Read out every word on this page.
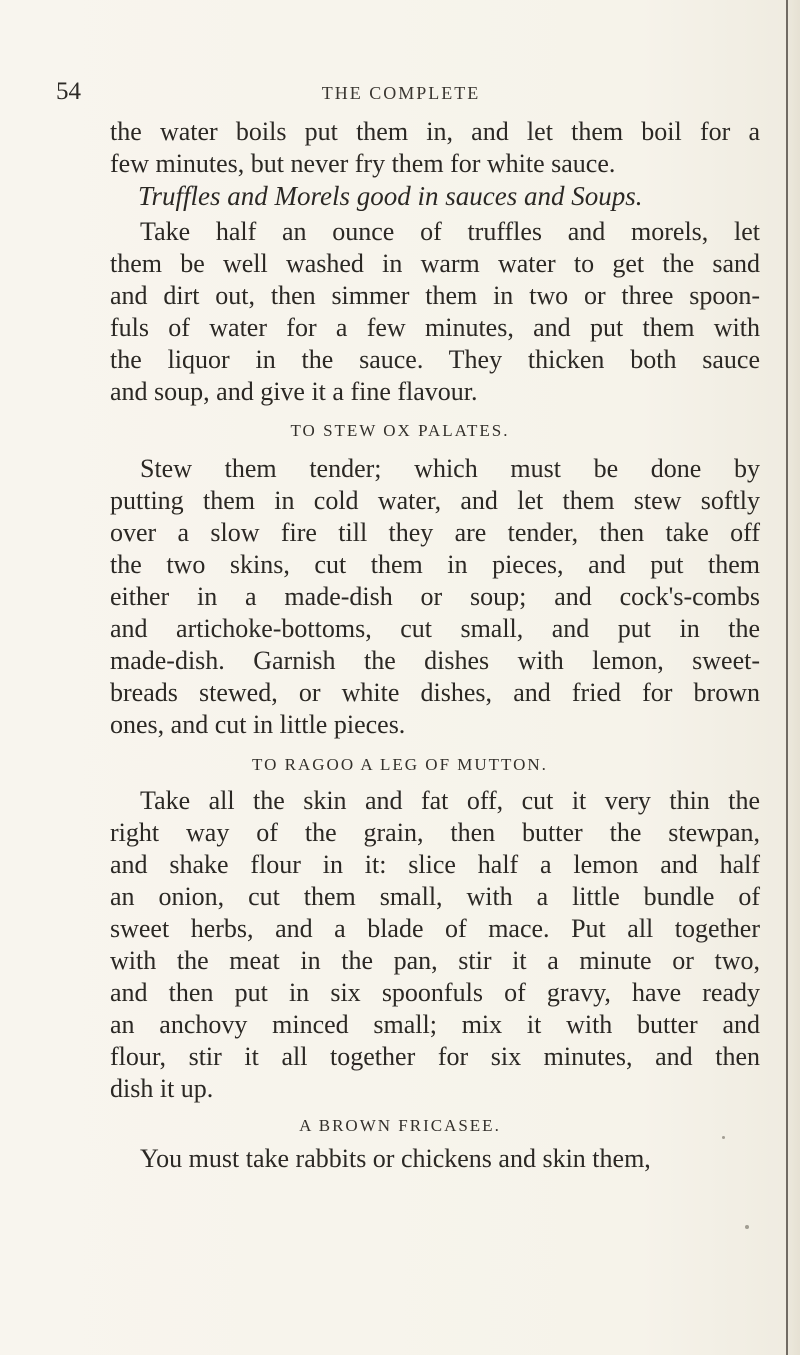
54	THE COMPLETE
the water boils put them in, and let them boil for a
few minutes, but never fry them for white sauce.
Truffles and Morels good in sauces and Soups.
Take half an ounce of truffles and morels, let
them be well washed in warm water to get the sand
and dirt out, then simmer them in two or three spoon-
fuls of water for a few minutes, and put them with
the liquor in the sauce. They thicken both sauce
and soup, and give it a fine flavour.
TO STEW OX PALATES.
Stew them tender; which must be done by
putting them in cold water, and let them stew softly
over a slow fire till they are tender, then take off
the two skins, cut them in pieces, and put them
either in a made-dish or soup; and cock's-combs
and artichoke-bottoms, cut small, and put in the
made-dish. Garnish the dishes with lemon, sweet-
breads stewed, or white dishes, and fried for brown
ones, and cut in little pieces.
TO RAGOO A LEG OF MUTTON.
Take all the skin and fat off, cut it very thin the
right way of the grain, then butter the stewpan,
and shake flour in it: slice half a lemon and half
an onion, cut them small, with a little bundle of
sweet herbs, and a blade of mace. Put all together
with the meat in the pan, stir it a minute or two,
and then put in six spoonfuls of gravy, have ready
an anchovy minced small; mix it with butter and
flour, stir it all together for six minutes, and then
dish it up.
A BROWN FRICASEE.
You must take rabbits or chickens and skin them,
